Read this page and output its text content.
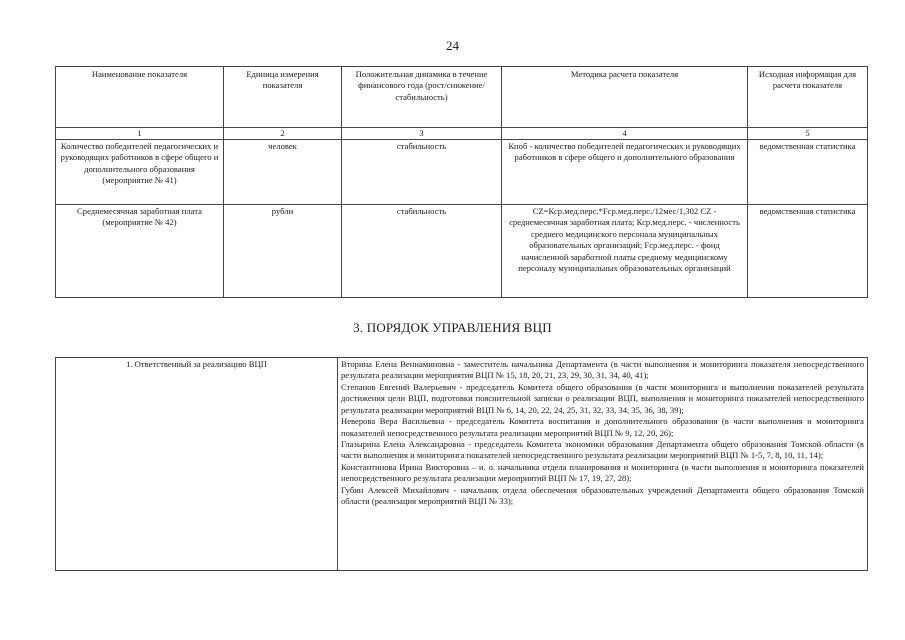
24
Наименование показателя	Единица измерения показателя	Положительная динамика в течение финансового года (рост/снижение/стабильность)	Методика расчета показателя	Исходная информация для расчета показателя
1	2	3	4	5
Количество победителей педагогических и руководящих работников в сфере общего и дополнительного образования (мероприятие № 41)	человек	стабильность	Кпоб - количество победителей педагогических и руководящих работников в сфере общего и дополнительного образования	ведомственная статистика
Среднемесячная заработная плата (мероприятие № 42)	рубли	стабильность	CZ=Кср.мед.перс.*Fср.мед.перс./12мес/1,302 CZ - среднемесячная заработная плата; Кср.мед.перс. - численность среднего медицинского персонала муниципальных образовательных организаций; Fср.мед.перс. - фонд начисленной заработной платы среднему медицинскому персоналу муниципальных образовательных организаций	ведомственная статистика
3. ПОРЯДОК УПРАВЛЕНИЯ ВЦП
1. Ответственный за реализацию ВЦП	Вторина Елена Вениаминовна - заместитель начальника Департамента (в части выполнения и мониторинга показателя непосредственного результата реализации мероприятия ВЦП № 15, 18, 20, 21, 23, 29, 30, 31, 34, 40, 41);
Степанов Евгений Валерьевич - председатель Комитета общего образования (в части мониторинга и выполнения показателей результата достижения цели ВЦП, подготовки пояснительной записки о реализации ВЦП, выполнения и мониторинга показателей непосредственного результата реализации мероприятий ВЦП № 6, 14, 20, 22, 24, 25, 31, 32, 33, 34, 35, 36, 38, 39);
Неверова Вера Васильевна - председатель Комитета воспитания и дополнительного образования (в части выполнения и мониторинга показателей непосредственного результата реализации мероприятий ВЦП № 9, 12, 20, 26);
Глазырина Елена Александровна - председатель Комитета экономики образования Департамента общего образования Томской области (в части выполнения и мониторинга показателей непосредственного результата реализации мероприятий ВЦП № 1-5, 7, 8, 10, 11, 14);
Константинова Ирина Викторовна – и. о. начальника отдела планирования и мониторинга (в части выполнения и мониторинга показателей непосредственного результата реализации мероприятий ВЦП № 17, 19, 27, 28);
Губин Алексей Михайлович - начальник отдела обеспечения образовательных учреждений Департамента общего образования Томской области (реализация мероприятий ВЦП № 33);
